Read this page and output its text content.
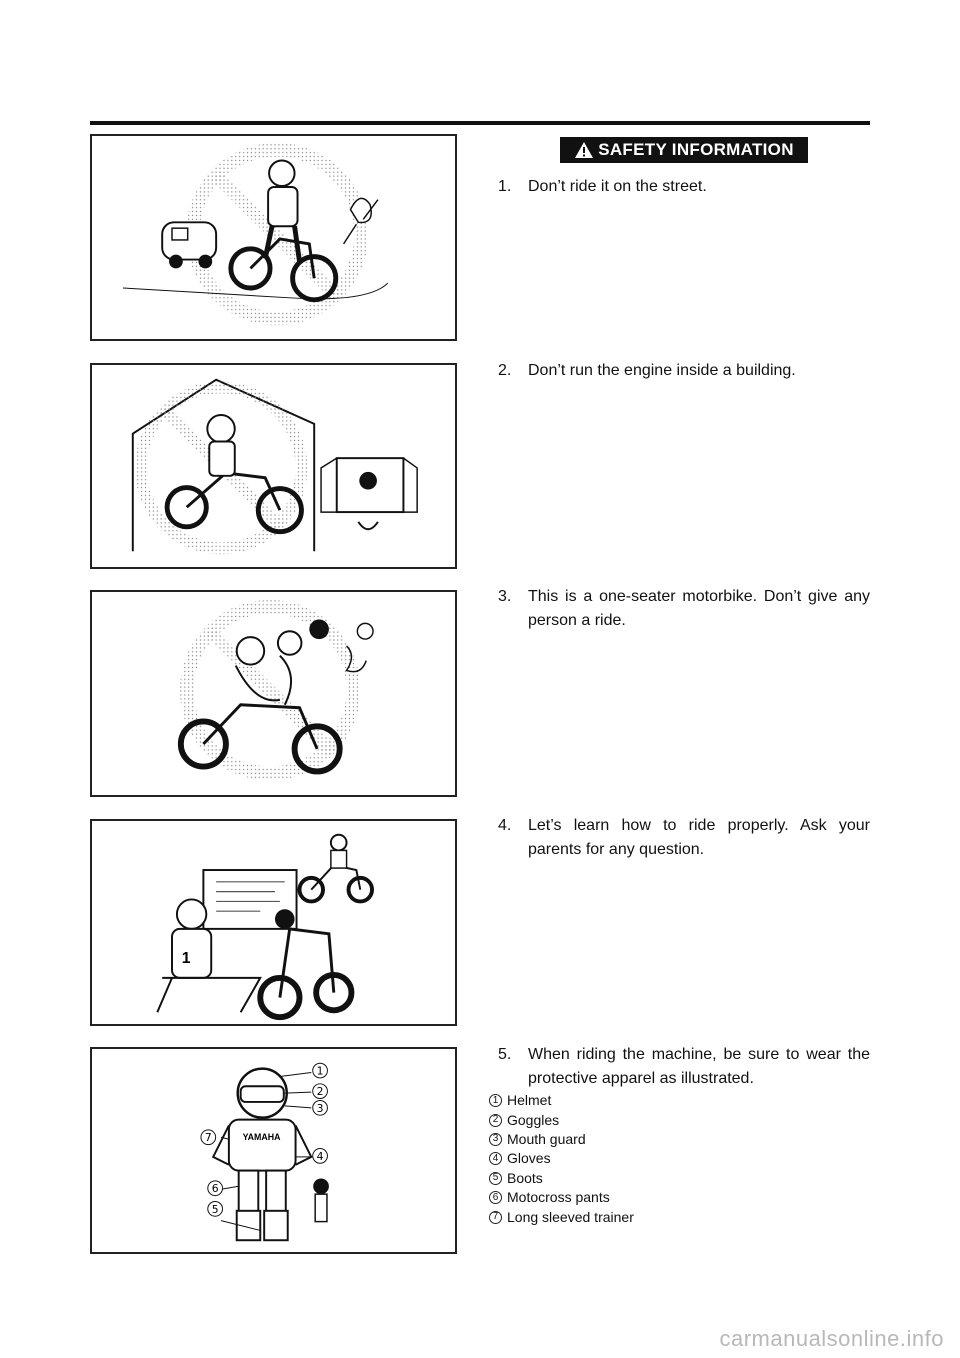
1
YAMAHA
1
2
3
4
5
6
7
SAFETY INFORMATION
1.	Don’t ride it on the street.
2.	Don’t run the engine inside a building.
3.	This is a one-seater motorbike. Don’t give any person a ride.
4.	Let’s learn how to ride properly. Ask your parents for any question.
5.	When riding the machine, be sure to wear the protective apparel as illustrated.
1 Helmet
2 Goggles
3 Mouth guard
4 Gloves
5 Boots
6 Motocross pants
7 Long sleeved trainer
carmanualsonline.info
